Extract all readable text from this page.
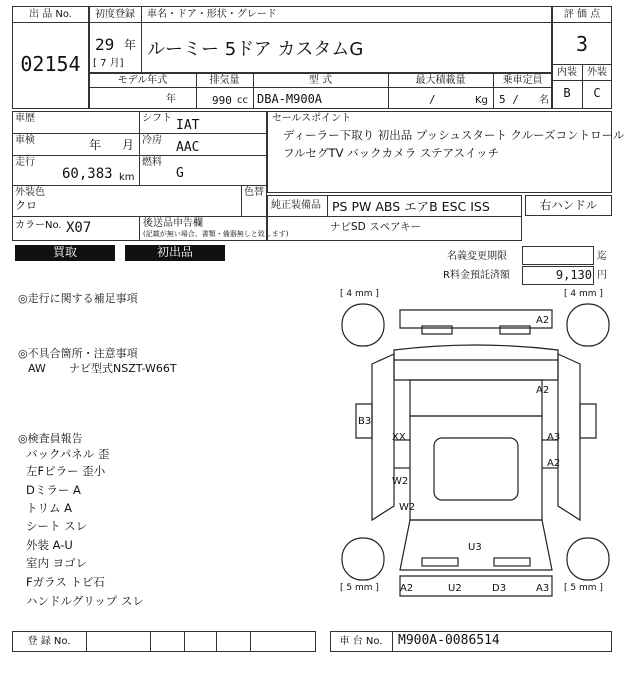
出 品 No.
02154
初度登録	車名・ドア・形状・グレード
29 年
[ 7 月]
ルーミー 5ドア カスタムG
評 価 点
3
内装	外装
B	C
モデル年式	排気量	型 式	最大積載量	乗車定員
年	990 cc DBA-M900A	/	Kg 5 / 名
車歴
車検	年 月
走行
60,383 km
シフト IAT
冷房 AAC
燃料
G
外装色
クロ
色替
カラーNo. X07	後送品申告欄
(記載が無い場合、書類・備器無しと致します)
セールスポイント
ディーラー下取り 初出品 プッシュスタート クルーズコントロール
フルセグTV バックカメラ ステアスイッチ
純正装備品 PS PW ABS エアB ESC ISS
ナビSD スペアキー
右ハンドル
買取	初出品	名義変更期限	迄
R料金預託済額	9,130 円
◎走行に関する補足事項
◎不具合箇所・注意事項
AW ナビ型式NSZT-W66T
◎検査員報告
バックパネル 歪
左Fピラー 歪小
Dミラー A
トリム A
シート スレ
外装 A-U
室内 ヨゴレ
Fガラス トビ石
ハンドルグリップ スレ
[ 4 mm ]	[ 4 mm ]
[ 5 mm ]	[ 5 mm ]
A2
A2
B3
XX	A3
A2
W2
W2
U3
A2	U2	D3	A3
登 録 No.	車 台 No.	M900A-0086514
